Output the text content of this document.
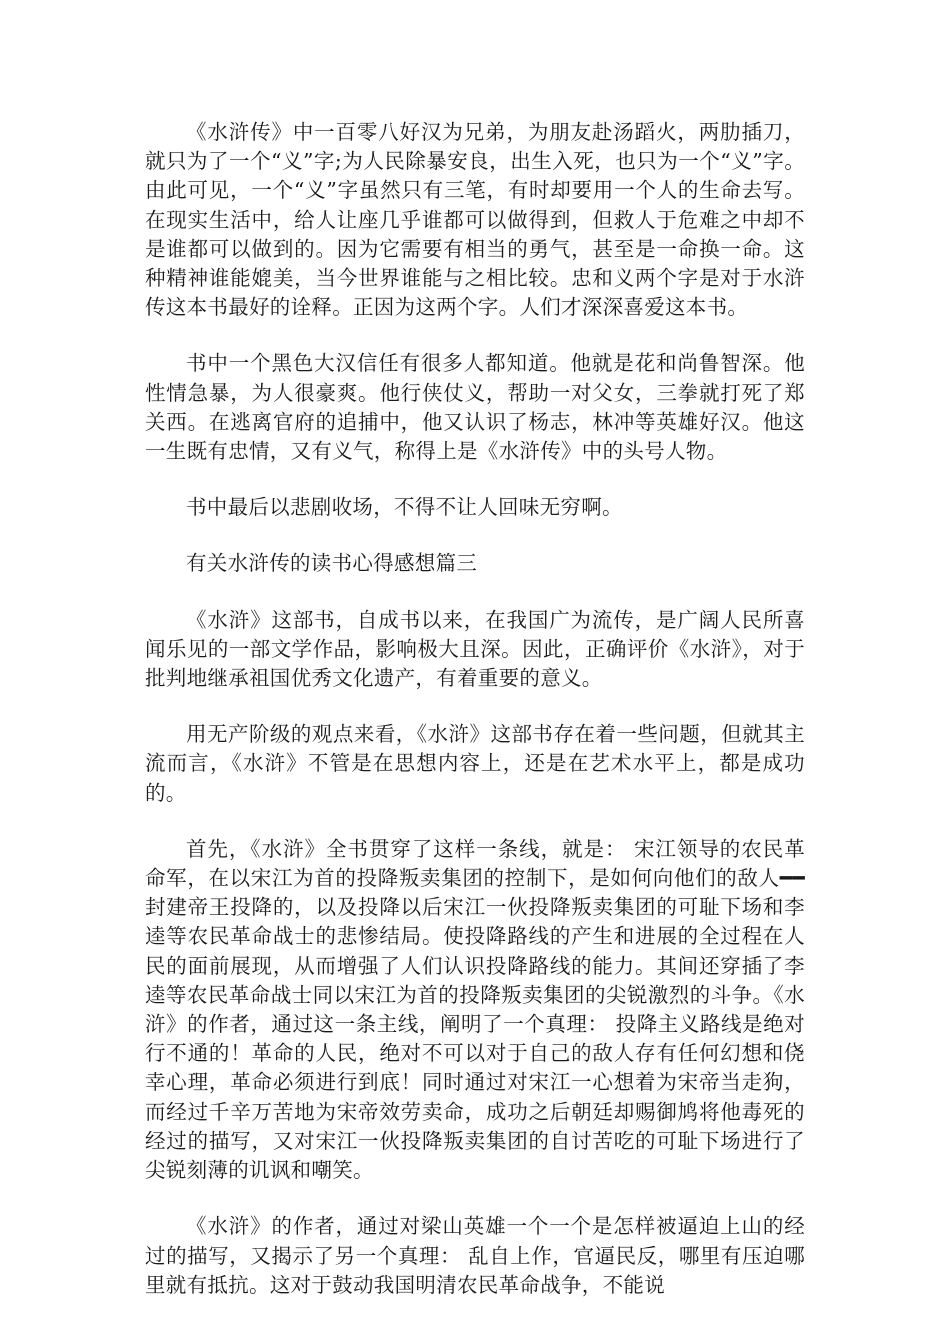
《水浒传》中一百零八好汉为兄弟，为朋友赴汤蹈火，两肋插刀，就只为了一个“义”字;为人民除暴安良，出生入死，也只为一个“义”字。由此可见，一个“义”字虽然只有三笔，有时却要用一个人的生命去写。在现实生活中，给人让座几乎谁都可以做得到，但救人于危难之中却不是谁都可以做到的。因为它需要有相当的勇气，甚至是一命换一命。这种精神谁能媲美，当今世界谁能与之相比较。忠和义两个字是对于水浒传这本书最好的诠释。正因为这两个字。人们才深深喜爱这本书。

书中一个黑色大汉信任有很多人都知道。他就是花和尚鲁智深。他性情急暴，为人很豪爽。他行侠仗义，帮助一对父女，三拳就打死了郑关西。在逃离官府的追捕中，他又认识了杨志，林冲等英雄好汉。他这一生既有忠情，又有义气，称得上是《水浒传》中的头号人物。

书中最后以悲剧收场，不得不让人回味无穷啊。

有关水浒传的读书心得感想篇三

《水浒》这部书，自成书以来，在我国广为流传，是广阔人民所喜闻乐见的一部文学作品，影响极大且深。因此，正确评价《水浒》，对于批判地继承祖国优秀文化遗产，有着重要的意义。

用无产阶级的观点来看，《水浒》这部书存在着一些问题，但就其主流而言，《水浒》不管是在思想内容上，还是在艺术水平上，都是成功的。

首先，《水浒》全书贯穿了这样一条线，就是： 宋江领导的农民革命军，在以宋江为首的投降叛卖集团的控制下，是如何向他们的敌人━━封建帝王投降的，以及投降以后宋江一伙投降叛卖集团的可耻下场和李逵等农民革命战士的悲惨结局。使投降路线的产生和进展的全过程在人民的面前展现，从而增强了人们认识投降路线的能力。其间还穿插了李逵等农民革命战士同以宋江为首的投降叛卖集团的尖锐激烈的斗争。《水浒》的作者，通过这一条主线，阐明了一个真理： 投降主义路线是绝对行不通的！革命的人民，绝对不可以对于自己的敌人存有任何幻想和侥幸心理，革命必须进行到底！同时通过对宋江一心想着为宋帝当走狗，而经过千辛万苦地为宋帝效劳卖命，成功之后朝廷却赐御鸠将他毒死的经过的描写，又对宋江一伙投降叛卖集团的自讨苦吃的可耻下场进行了尖锐刻薄的讥讽和嘲笑。

《水浒》的作者，通过对梁山英雄一个一个是怎样被逼迫上山的经过的描写，又揭示了另一个真理： 乱自上作，官逼民反，哪里有压迫哪里就有抵抗。这对于鼓动我国明清农民革命战争，不能说
